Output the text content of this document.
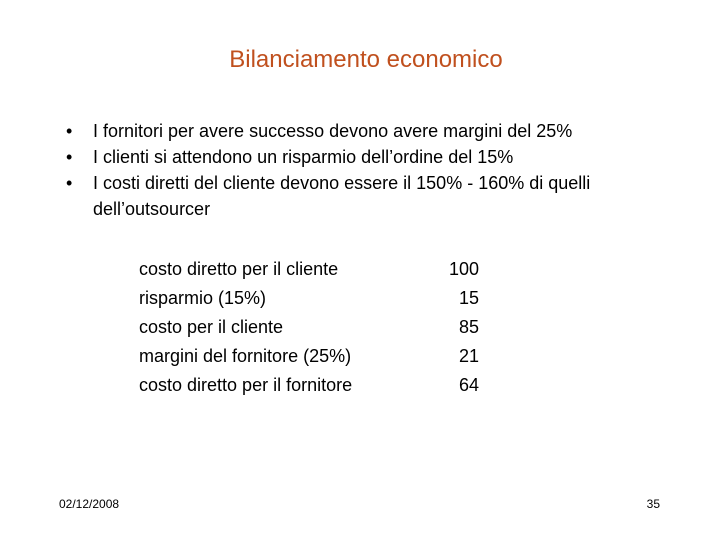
Bilanciamento economico
• I fornitori per avere successo devono avere margini del 25%
• I clienti si attendono un risparmio dell’ordine del 15%
• I costi diretti del cliente devono essere il 150% - 160% di quelli dell’outsourcer
costo diretto per il cliente	100
risparmio (15%)	15
costo per il cliente	85
margini del fornitore (25%)	21
costo diretto per il fornitore	64
02/12/2008	35
